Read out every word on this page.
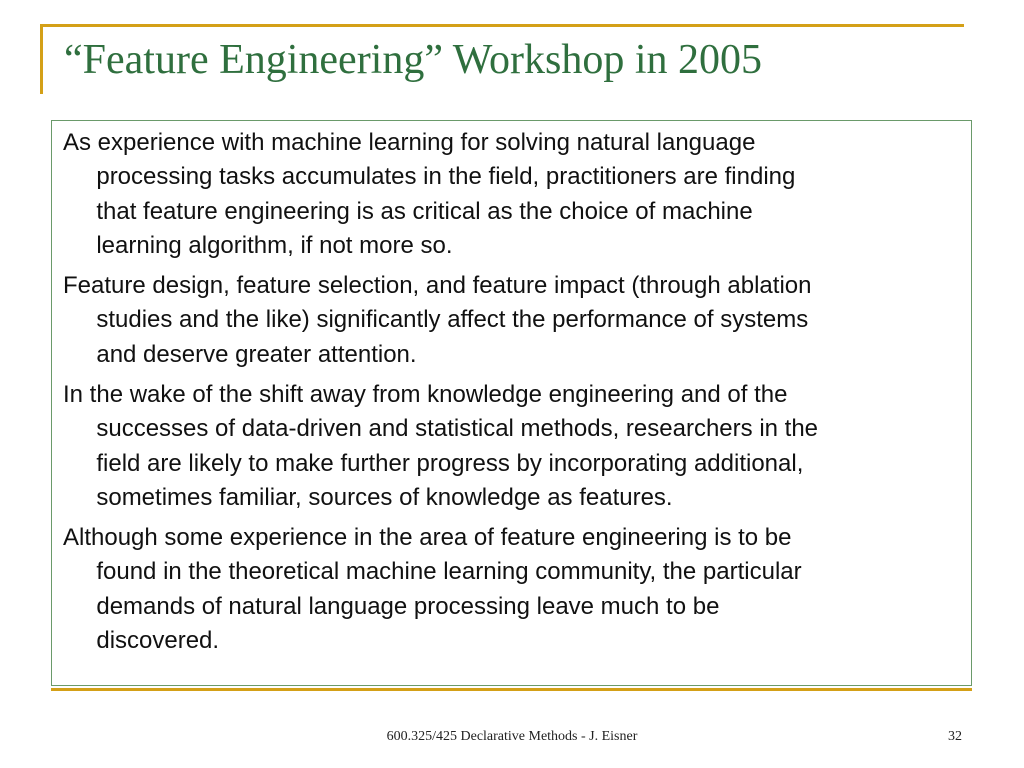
“Feature Engineering” Workshop in 2005

As experience with machine learning for solving natural language
processing tasks accumulates in the field, practitioners are finding
that feature engineering is as critical as the choice of machine
learning algorithm, if not more so.

Feature design, feature selection, and feature impact (through ablation
studies and the like) significantly affect the performance of systems
and deserve greater attention.

In the wake of the shift away from knowledge engineering and of the
successes of data-driven and statistical methods, researchers in the
field are likely to make further progress by incorporating additional,
sometimes familiar, sources of knowledge as features.

Although some experience in the area of feature engineering is to be
found in the theoretical machine learning community, the particular
demands of natural language processing leave much to be
discovered.

600.325/425 Declarative Methods - J. Eisner	32
